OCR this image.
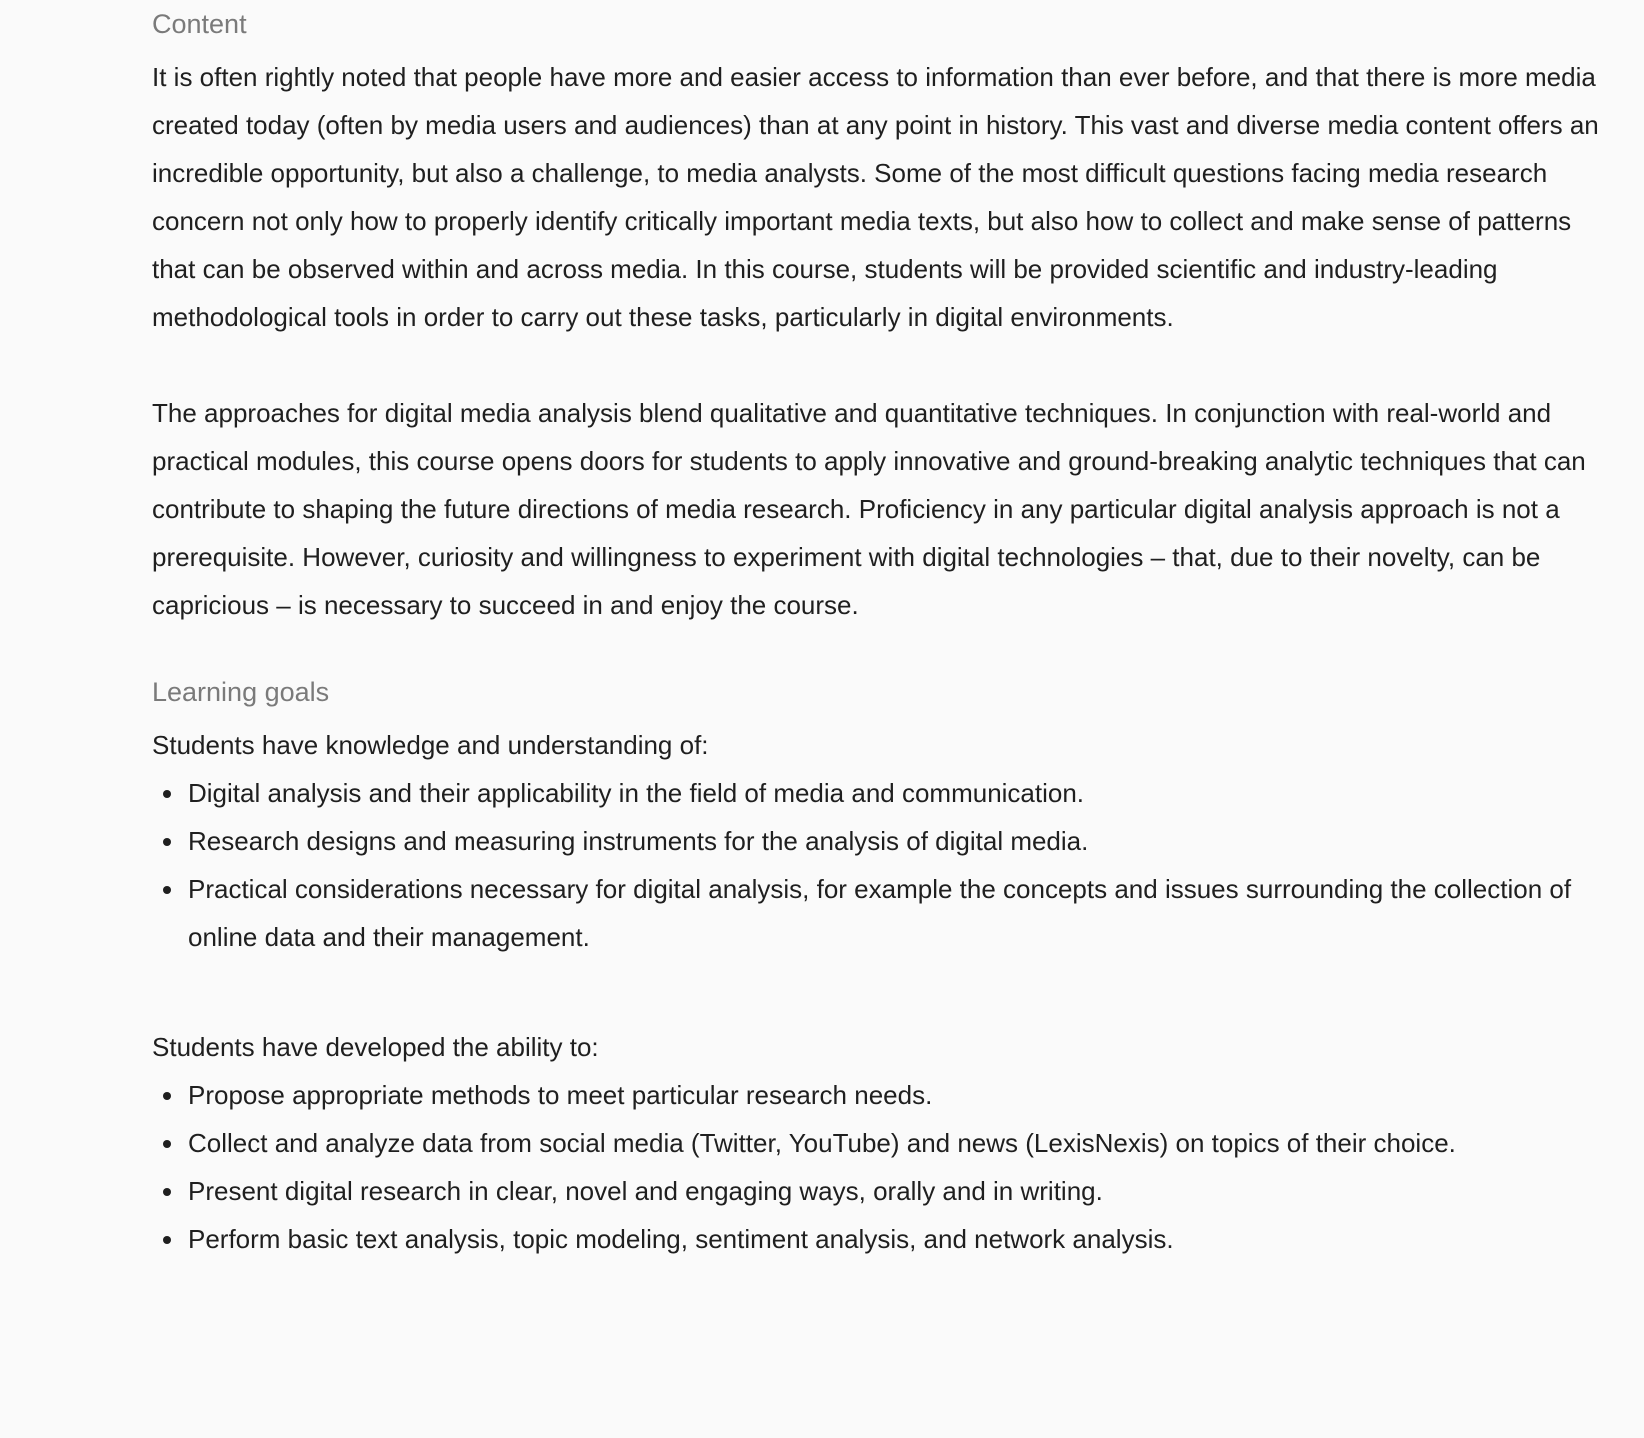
Content

It is often rightly noted that people have more and easier access to information than ever before, and that there is more media created today (often by media users and audiences) than at any point in history. This vast and diverse media content offers an incredible opportunity, but also a challenge, to media analysts. Some of the most difficult questions facing media research concern not only how to properly identify critically important media texts, but also how to collect and make sense of patterns that can be observed within and across media. In this course, students will be provided scientific and industry-leading methodological tools in order to carry out these tasks, particularly in digital environments.

The approaches for digital media analysis blend qualitative and quantitative techniques. In conjunction with real-world and practical modules, this course opens doors for students to apply innovative and ground-breaking analytic techniques that can contribute to shaping the future directions of media research. Proficiency in any particular digital analysis approach is not a prerequisite. However, curiosity and willingness to experiment with digital technologies – that, due to their novelty, can be capricious – is necessary to succeed in and enjoy the course.

Learning goals

Students have knowledge and understanding of:

Digital analysis and their applicability in the field of media and communication.
Research designs and measuring instruments for the analysis of digital media.
Practical considerations necessary for digital analysis, for example the concepts and issues surrounding the collection of online data and their management.

Students have developed the ability to:

Propose appropriate methods to meet particular research needs.
Collect and analyze data from social media (Twitter, YouTube) and news (LexisNexis) on topics of their choice.
Present digital research in clear, novel and engaging ways, orally and in writing.
Perform basic text analysis, topic modeling, sentiment analysis, and network analysis.
